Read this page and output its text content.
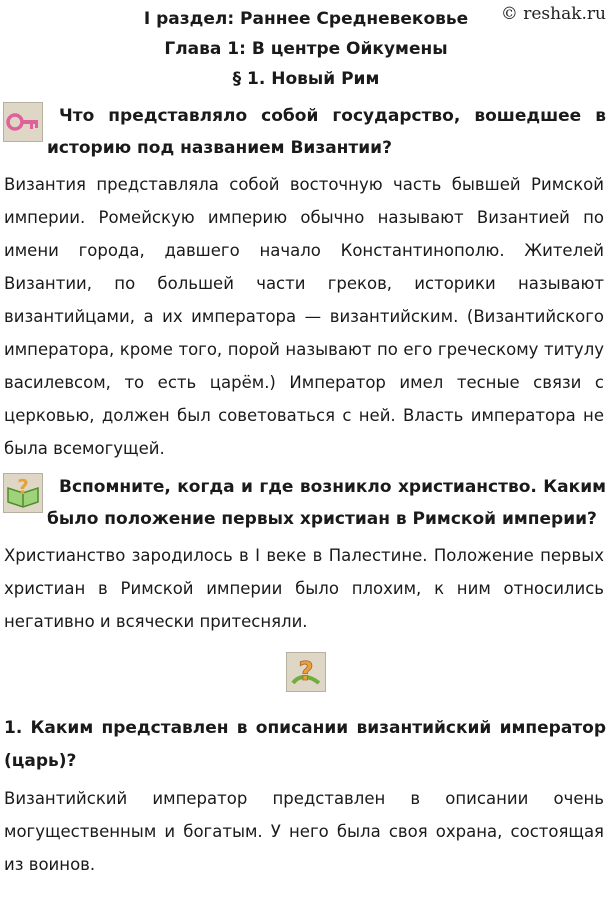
© reshak.ru
I раздел: Раннее Средневековье
Глава 1: В центре Ойкумены
§ 1. Новый Рим
Что представляло собой государство, вошедшее в историю под названием Византии?
Византия представляла собой восточную часть бывшей Римской империи. Ромейскую империю обычно называют Византией по имени города, давшего начало Константинополю. Жителей Византии, по большей части греков, историки называют византийцами, а их императора — византийским. (Византийского императора, кроме того, порой называют по его греческому титулу василевсом, то есть царём.) Император имел тесные связи с церковью, должен был советоваться с ней. Власть императора не была всемогущей.
?	Вспомните, когда и где возникло христианство. Каким было положение первых христиан в Римской империи?
Христианство зародилось в I веке в Палестине. Положение первых христиан в Римской империи было плохим, к ним относились негативно и всячески притесняли.
?
1. Каким представлен в описании византийский император (царь)?
Византийский император представлен в описании очень могущественным и богатым. У него была своя охрана, состоящая из воинов.
